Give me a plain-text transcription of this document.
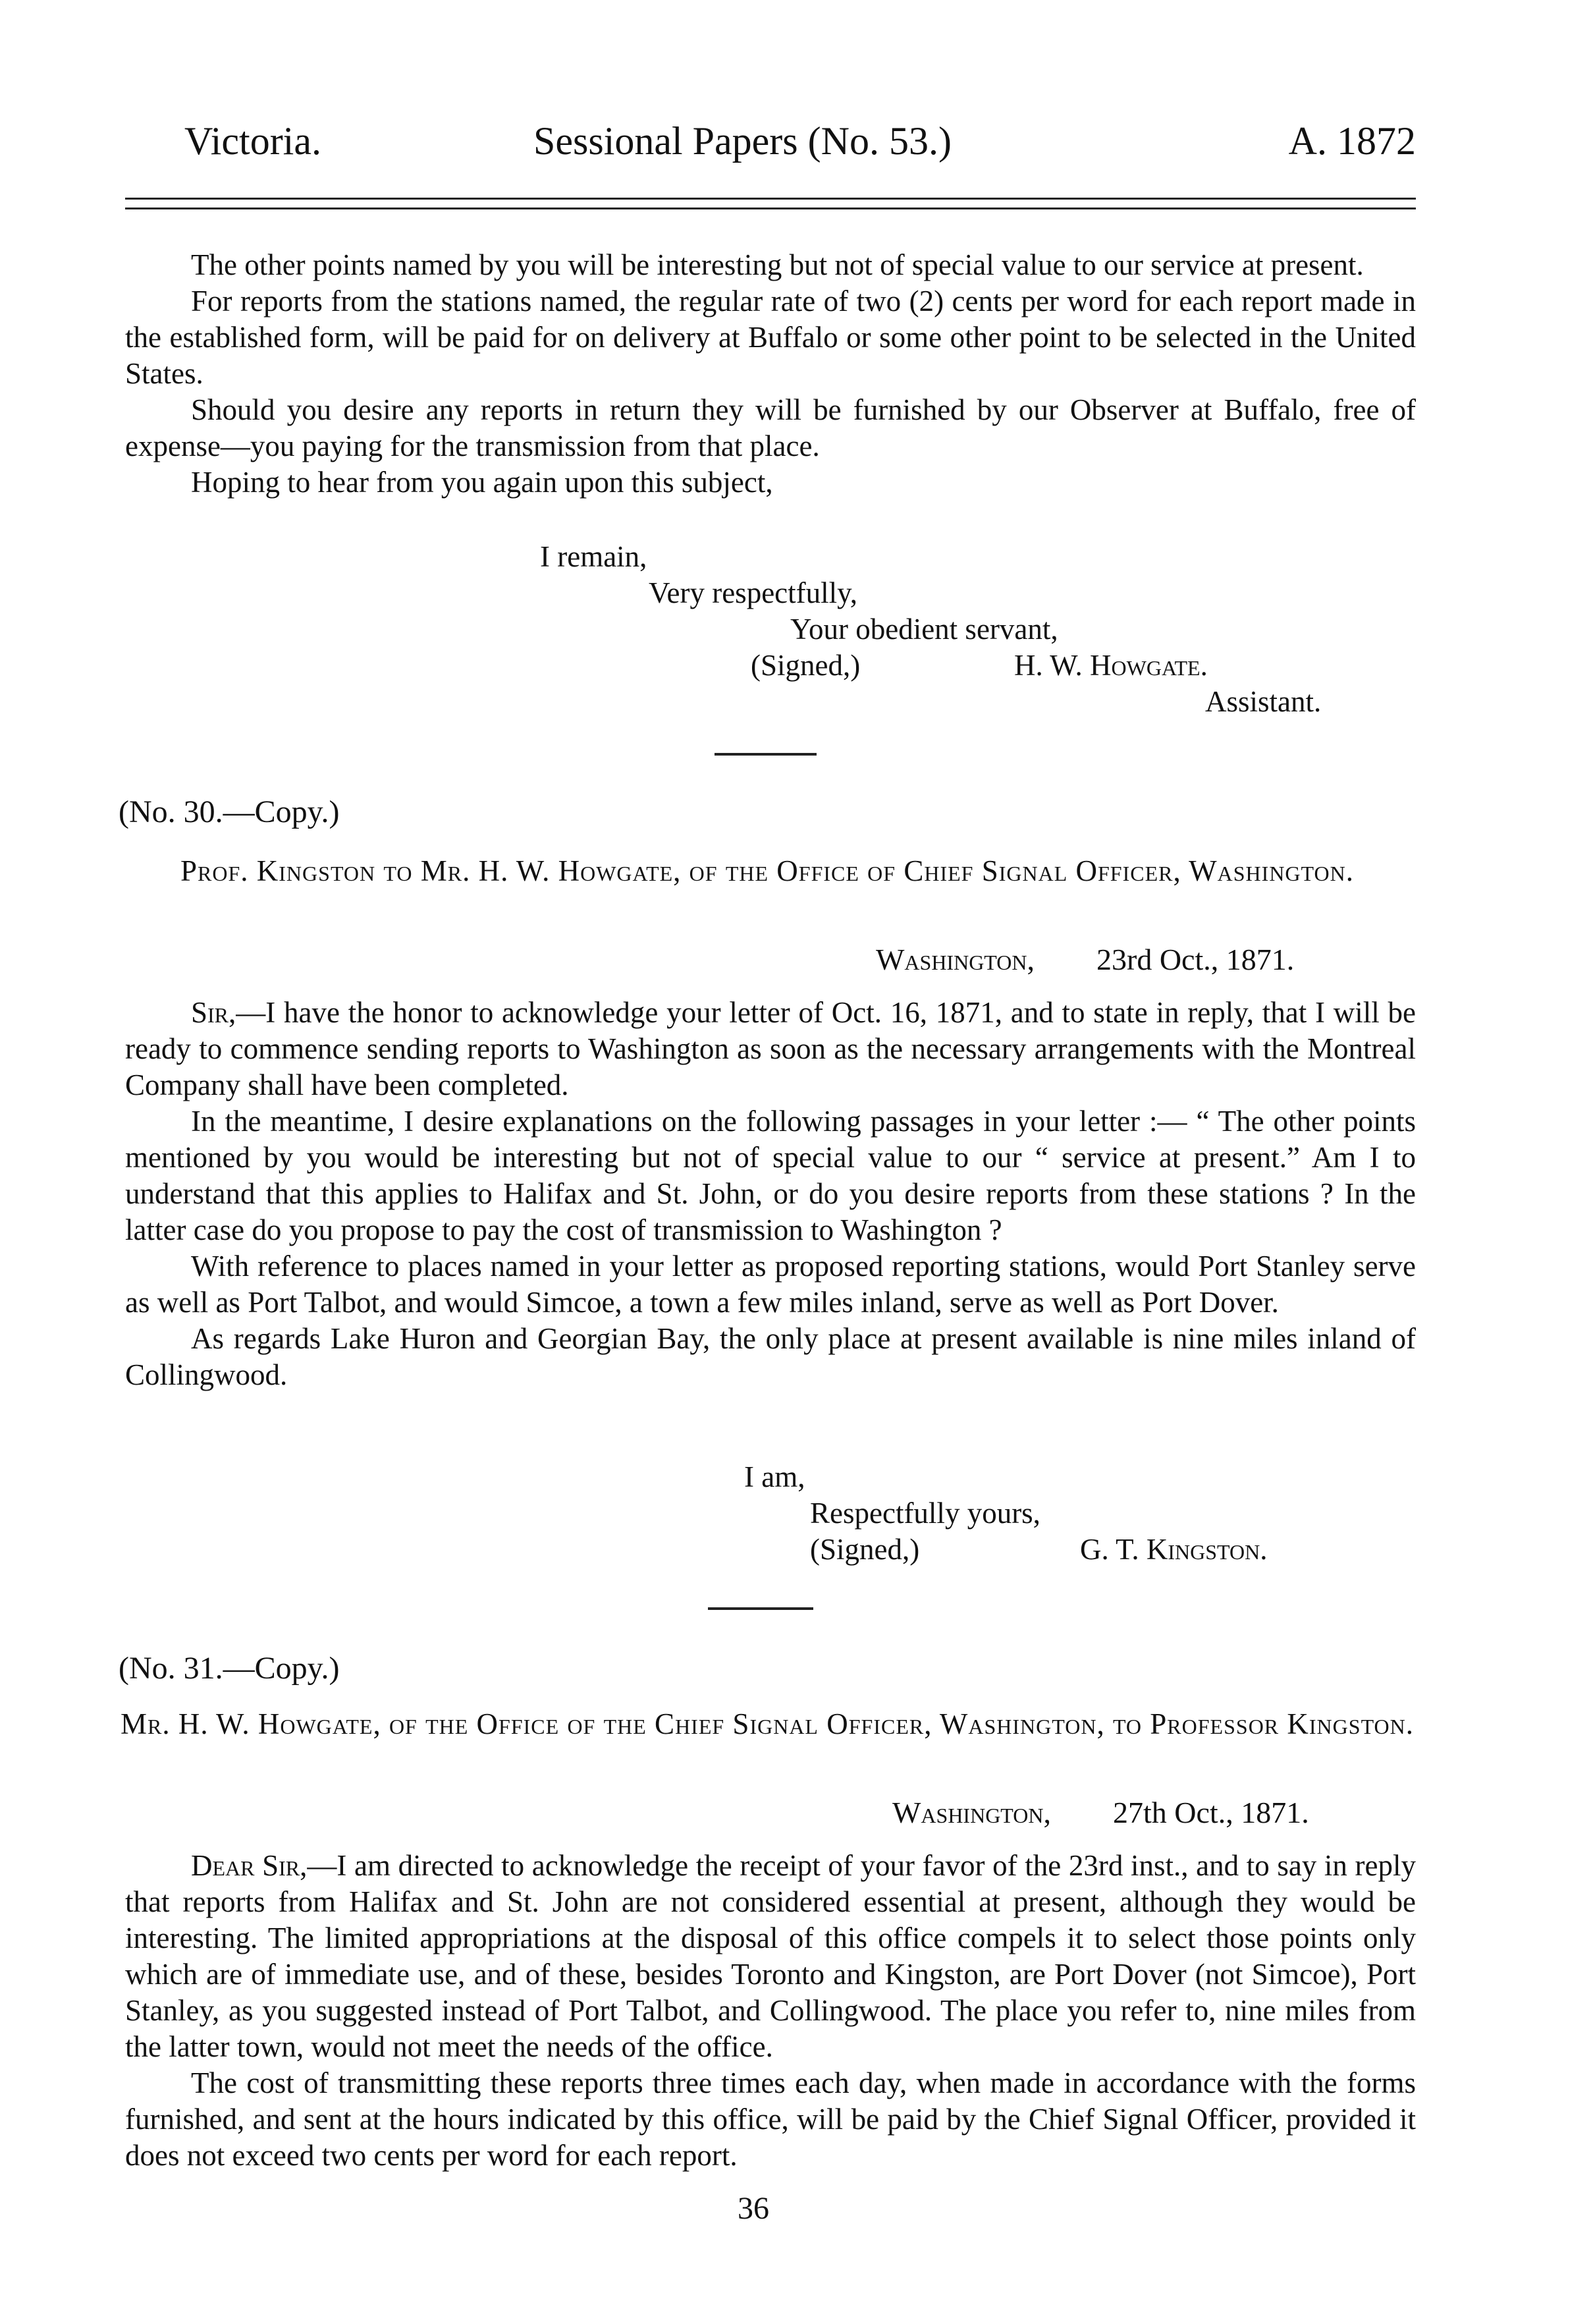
Victoria.	Sessional Papers (No. 53.)	A. 1872

The other points named by you will be interesting but not of special value to our service at present.

For reports from the stations named, the regular rate of two (2) cents per word for each report made in the established form, will be paid for on delivery at Buffalo or some other point to be selected in the United States.

Should you desire any reports in return they will be furnished by our Observer at Buffalo, free of expense—you paying for the transmission from that place.

Hoping to hear from you again upon this subject,

I remain,
Very respectfully,
Your obedient servant,
(Signed,)	H. W. Howgate.
Assistant.
(No. 30.—Copy.)
Prof. Kingston to Mr. H. W. Howgate, of the Office of Chief Signal Officer, Washington.
Washington, 23rd Oct., 1871.

Sir,—I have the honor to acknowledge your letter of Oct. 16, 1871, and to state in reply, that I will be ready to commence sending reports to Washington as soon as the necessary arrangements with the Montreal Company shall have been completed.

In the meantime, I desire explanations on the following passages in your letter :— “ The other points mentioned by you would be interesting but not of special value to our “ service at present.” Am I to understand that this applies to Halifax and St. John, or do you desire reports from these stations ? In the latter case do you propose to pay the cost of transmission to Washington ?

With reference to places named in your letter as proposed reporting stations, would Port Stanley serve as well as Port Talbot, and would Simcoe, a town a few miles inland, serve as well as Port Dover.

As regards Lake Huron and Georgian Bay, the only place at present available is nine miles inland of Collingwood.

I am,
Respectfully yours,
(Signed,)	G. T. Kingston.
(No. 31.—Copy.)
Mr. H. W. Howgate, of the Office of the Chief Signal Officer, Washington, to Professor Kingston.
Washington, 27th Oct., 1871.

Dear Sir,—I am directed to acknowledge the receipt of your favor of the 23rd inst., and to say in reply that reports from Halifax and St. John are not considered essential at present, although they would be interesting. The limited appropriations at the disposal of this office compels it to select those points only which are of immediate use, and of these, besides Toronto and Kingston, are Port Dover (not Simcoe), Port Stanley, as you suggested instead of Port Talbot, and Collingwood. The place you refer to, nine miles from the latter town, would not meet the needs of the office.

The cost of transmitting these reports three times each day, when made in accordance with the forms furnished, and sent at the hours indicated by this office, will be paid by the Chief Signal Officer, provided it does not exceed two cents per word for each report.

36
